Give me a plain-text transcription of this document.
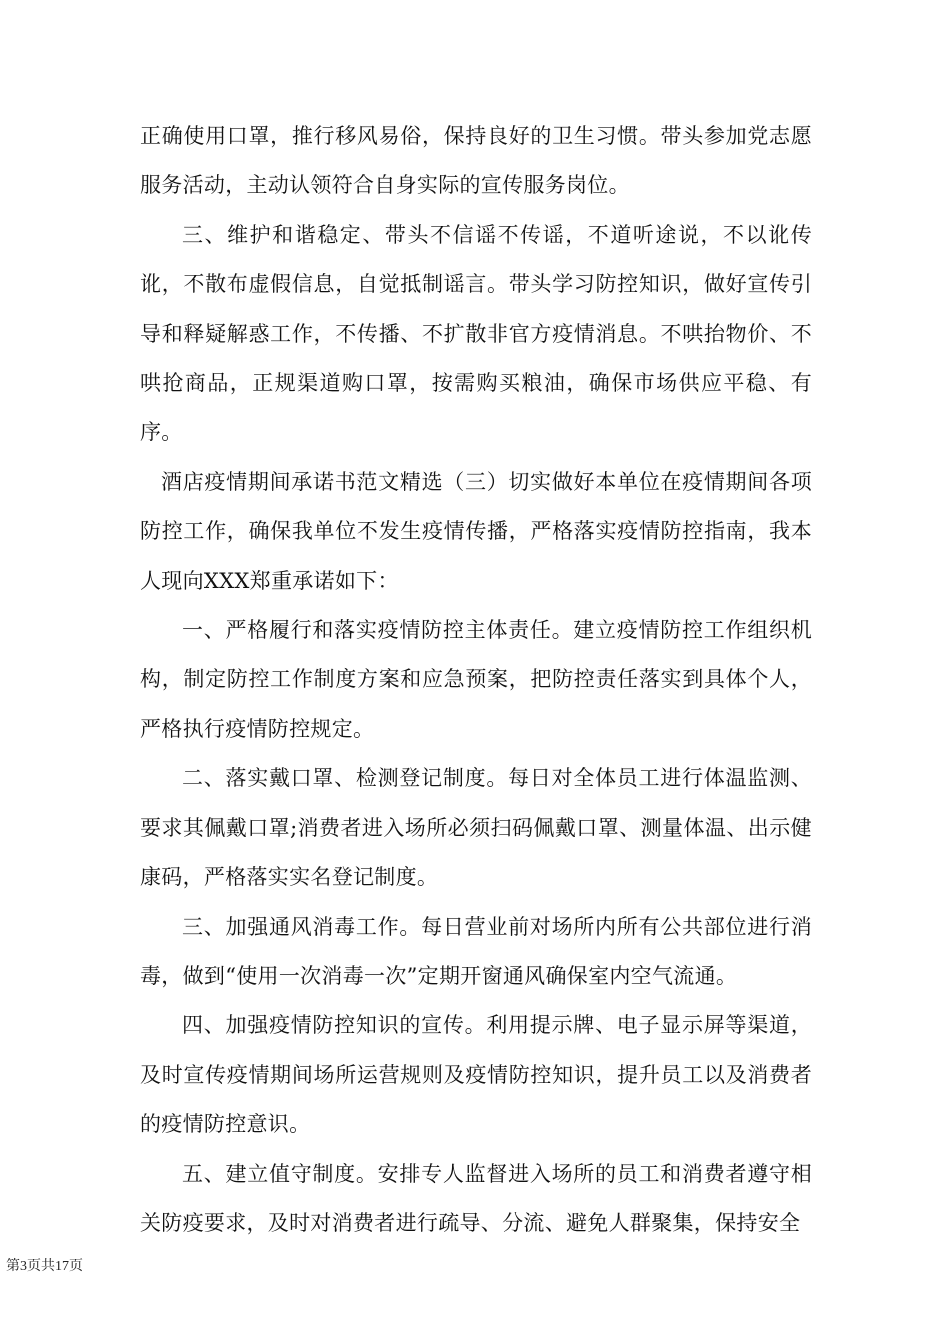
正确使用口罩，推行移风易俗，保持良好的卫生习惯。带头参加党志愿服务活动，主动认领符合自身实际的宣传服务岗位。

三、维护和谐稳定、带头不信谣不传谣，不道听途说，不以讹传讹，不散布虚假信息，自觉抵制谣言。带头学习防控知识，做好宣传引导和释疑解惑工作，不传播、不扩散非官方疫情消息。不哄抬物价、不哄抢商品，正规渠道购口罩，按需购买粮油，确保市场供应平稳、有序。

酒店疫情期间承诺书范文精选（三）切实做好本单位在疫情期间各项防控工作，确保我单位不发生疫情传播，严格落实疫情防控指南，我本人现向XXX郑重承诺如下：

一、严格履行和落实疫情防控主体责任。建立疫情防控工作组织机构，制定防控工作制度方案和应急预案，把防控责任落实到具体个人，严格执行疫情防控规定。

二、落实戴口罩、检测登记制度。每日对全体员工进行体温监测、要求其佩戴口罩;消费者进入场所必须扫码佩戴口罩、测量体温、出示健康码，严格落实实名登记制度。

三、加强通风消毒工作。每日营业前对场所内所有公共部位进行消毒，做到“使用一次消毒一次”定期开窗通风确保室内空气流通。

四、加强疫情防控知识的宣传。利用提示牌、电子显示屏等渠道，及时宣传疫情期间场所运营规则及疫情防控知识，提升员工以及消费者的疫情防控意识。

五、建立值守制度。安排专人监督进入场所的员工和消费者遵守相关防疫要求，及时对消费者进行疏导、分流、避免人群聚集，保持安全

第3页共17页
